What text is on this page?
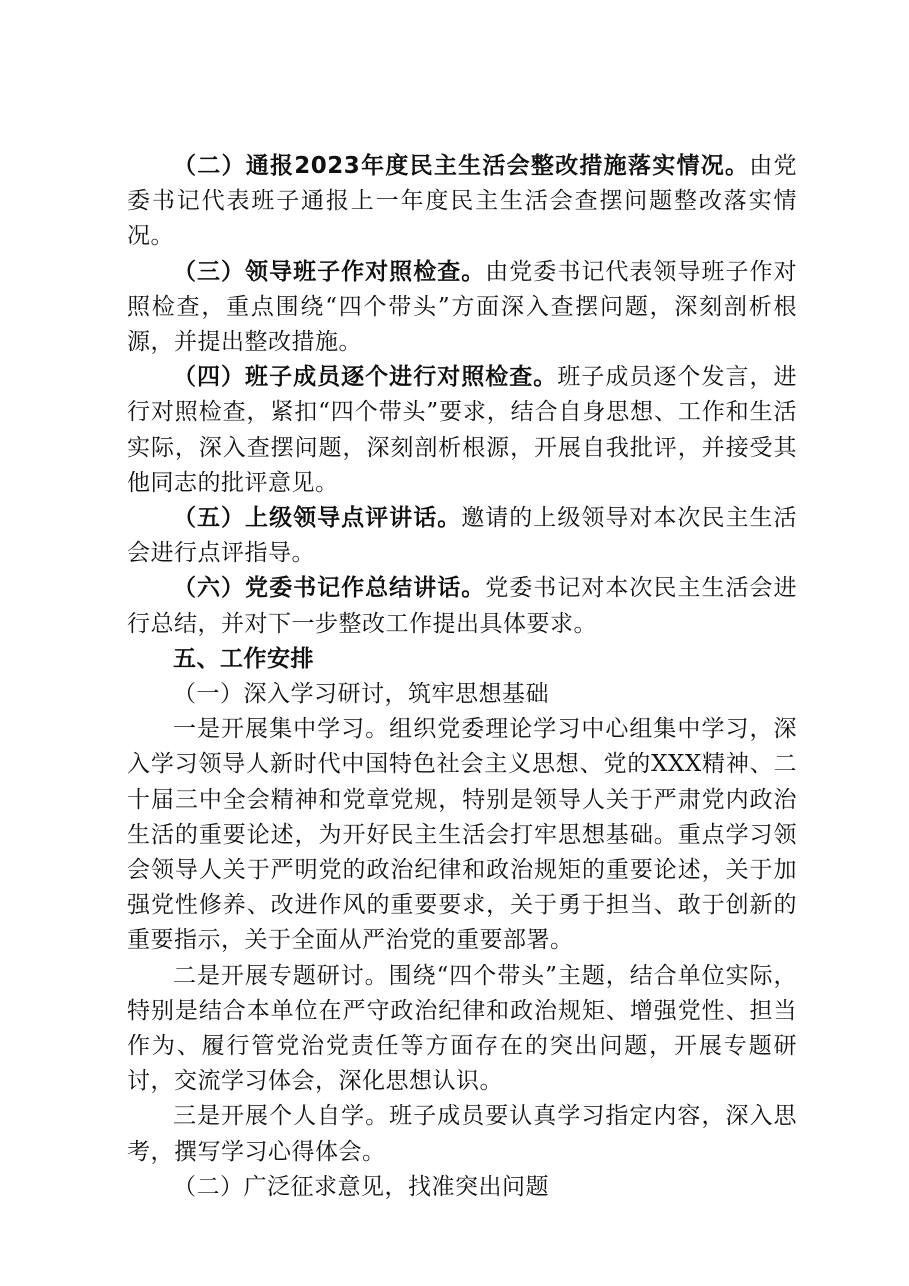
（二）通报2023年度民主生活会整改措施落实情况。由党委书记代表班子通报上一年度民主生活会查摆问题整改落实情况。

（三）领导班子作对照检查。由党委书记代表领导班子作对照检查，重点围绕“四个带头”方面深入查摆问题，深刻剖析根源，并提出整改措施。

（四）班子成员逐个进行对照检查。班子成员逐个发言，进行对照检查，紧扣“四个带头”要求，结合自身思想、工作和生活实际，深入查摆问题，深刻剖析根源，开展自我批评，并接受其他同志的批评意见。

（五）上级领导点评讲话。邀请的上级领导对本次民主生活会进行点评指导。

（六）党委书记作总结讲话。党委书记对本次民主生活会进行总结，并对下一步整改工作提出具体要求。

五、工作安排

（一）深入学习研讨，筑牢思想基础

一是开展集中学习。组织党委理论学习中心组集中学习，深入学习领导人新时代中国特色社会主义思想、党的XXX精神、二十届三中全会精神和党章党规，特别是领导人关于严肃党内政治生活的重要论述，为开好民主生活会打牢思想基础。重点学习领会领导人关于严明党的政治纪律和政治规矩的重要论述，关于加强党性修养、改进作风的重要要求，关于勇于担当、敢于创新的重要指示，关于全面从严治党的重要部署。

二是开展专题研讨。围绕“四个带头”主题，结合单位实际，特别是结合本单位在严守政治纪律和政治规矩、增强党性、担当作为、履行管党治党责任等方面存在的突出问题，开展专题研讨，交流学习体会，深化思想认识。

三是开展个人自学。班子成员要认真学习指定内容，深入思考，撰写学习心得体会。

（二）广泛征求意见，找准突出问题
